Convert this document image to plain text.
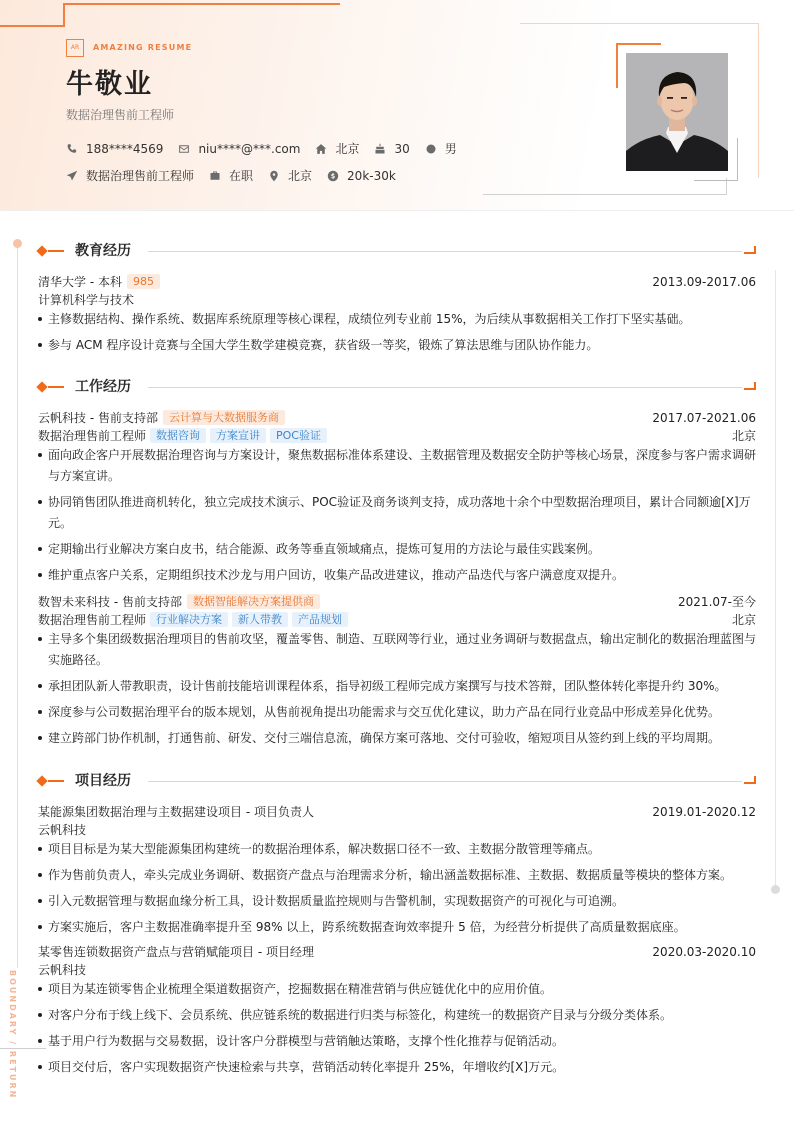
AR	AMAZING RESUME
牛敬业
数据治理售前工程师
188****4569	niu****@***.com	北京	30	男
数据治理售前工程师	在职	北京	20k-30k
BOUNDARY / RETURN
教育经历
清华大学 - 本科 985	2013.09-2017.06
计算机科学与技术
主修数据结构、操作系统、数据库系统原理等核心课程，成绩位列专业前 15%，为后续从事数据相关工作打下坚实基础。
参与 ACM 程序设计竞赛与全国大学生数学建模竞赛，获省级一等奖，锻炼了算法思维与团队协作能力。
工作经历
云帆科技 - 售前支持部 云计算与大数据服务商	2017.07-2021.06
数据治理售前工程师 数据咨询 方案宣讲 POC验证	北京
面向政企客户开展数据治理咨询与方案设计，聚焦数据标准体系建设、主数据管理及数据安全防护等核心场景，深度参与客户需求调研与方案宣讲。
协同销售团队推进商机转化，独立完成技术演示、POC验证及商务谈判支持，成功落地十余个中型数据治理项目，累计合同额逾[X]万元。
定期输出行业解决方案白皮书，结合能源、政务等垂直领域痛点，提炼可复用的方法论与最佳实践案例。
维护重点客户关系，定期组织技术沙龙与用户回访，收集产品改进建议，推动产品迭代与客户满意度双提升。
数智未来科技 - 售前支持部 数据智能解决方案提供商	2021.07-至今
数据治理售前工程师 行业解决方案 新人带教 产品规划	北京
主导多个集团级数据治理项目的售前攻坚，覆盖零售、制造、互联网等行业，通过业务调研与数据盘点，输出定制化的数据治理蓝图与实施路径。
承担团队新人带教职责，设计售前技能培训课程体系，指导初级工程师完成方案撰写与技术答辩，团队整体转化率提升约 30%。
深度参与公司数据治理平台的版本规划，从售前视角提出功能需求与交互优化建议，助力产品在同行业竞品中形成差异化优势。
建立跨部门协作机制，打通售前、研发、交付三端信息流，确保方案可落地、交付可验收，缩短项目从签约到上线的平均周期。
项目经历
某能源集团数据治理与主数据建设项目 - 项目负责人	2019.01-2020.12
云帆科技
项目目标是为某大型能源集团构建统一的数据治理体系，解决数据口径不一致、主数据分散管理等痛点。
作为售前负责人，牵头完成业务调研、数据资产盘点与治理需求分析，输出涵盖数据标准、主数据、数据质量等模块的整体方案。
引入元数据管理与数据血缘分析工具，设计数据质量监控规则与告警机制，实现数据资产的可视化与可追溯。
方案实施后，客户主数据准确率提升至 98% 以上，跨系统数据查询效率提升 5 倍，为经营分析提供了高质量数据底座。
某零售连锁数据资产盘点与营销赋能项目 - 项目经理	2020.03-2020.10
云帆科技
项目为某连锁零售企业梳理全渠道数据资产，挖掘数据在精准营销与供应链优化中的应用价值。
对客户分布于线上线下、会员系统、供应链系统的数据进行归类与标签化，构建统一的数据资产目录与分级分类体系。
基于用户行为数据与交易数据，设计客户分群模型与营销触达策略，支撑个性化推荐与促销活动。
项目交付后，客户实现数据资产快速检索与共享，营销活动转化率提升 25%，年增收约[X]万元。
